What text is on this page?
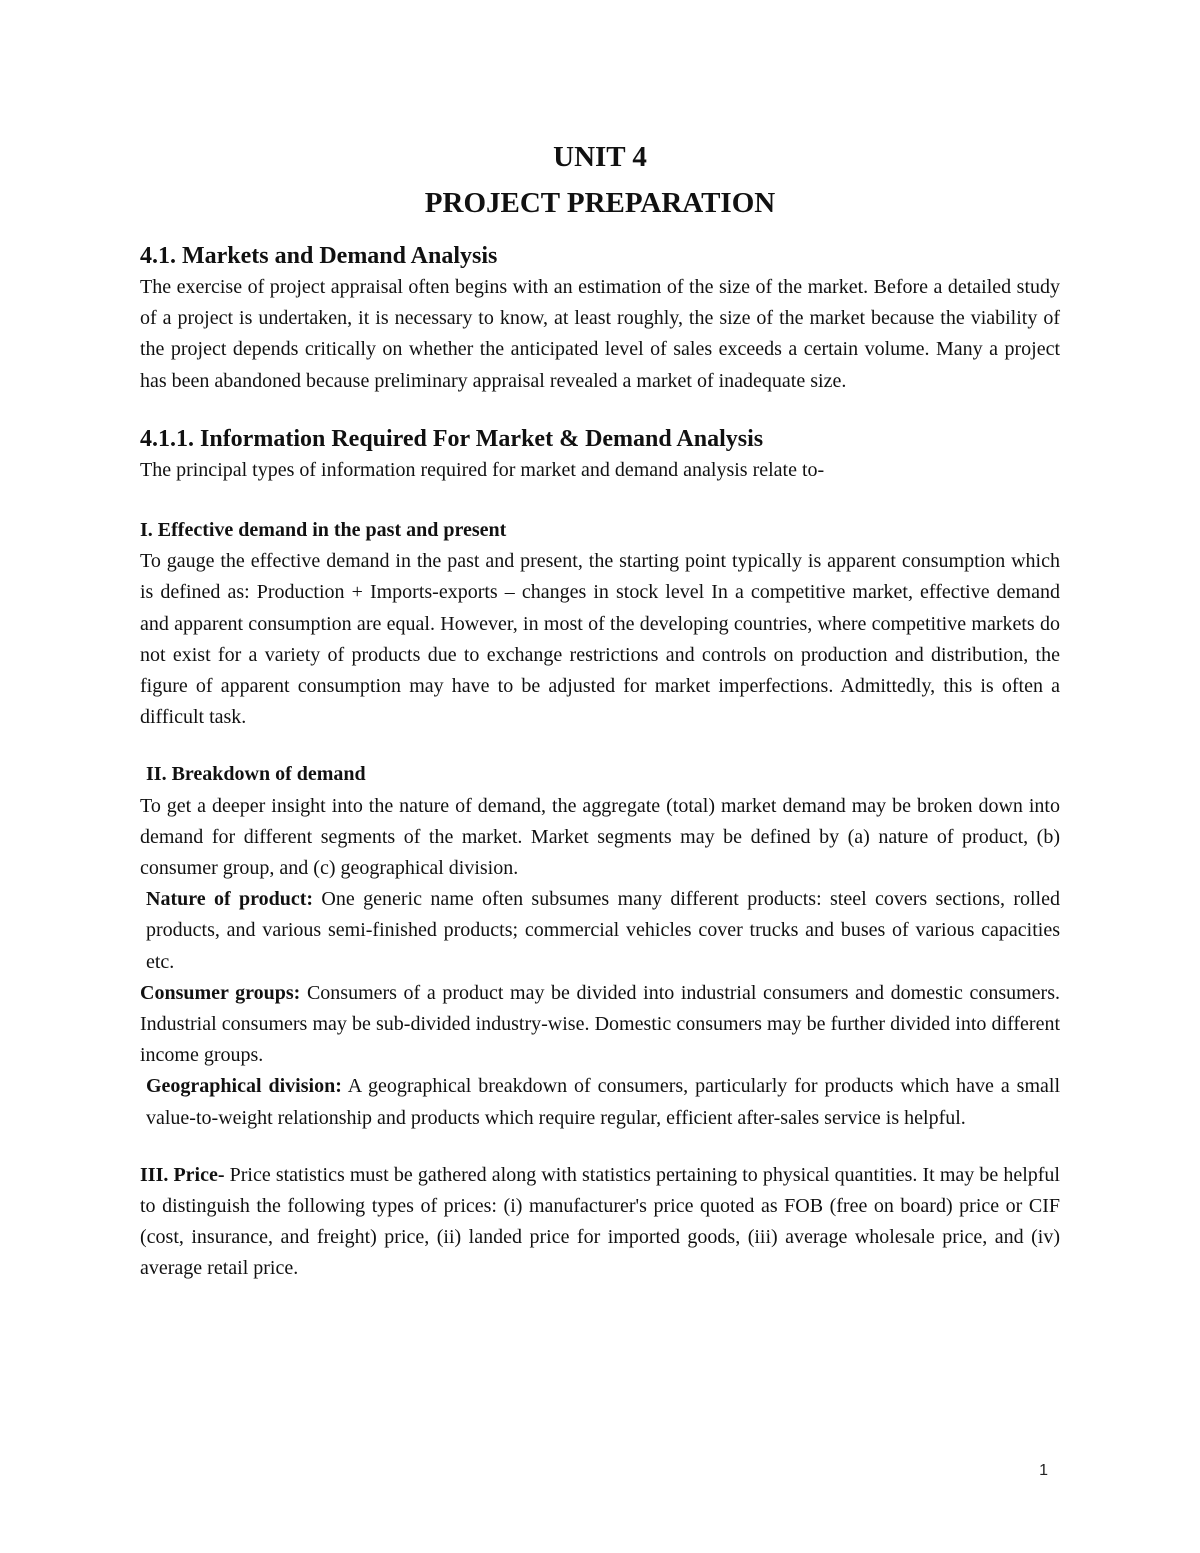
UNIT 4
PROJECT PREPARATION
4.1. Markets and Demand Analysis

The exercise of project appraisal often begins with an estimation of the size of the market. Before a detailed study of a project is undertaken, it is necessary to know, at least roughly, the size of the market because the viability of the project depends critically on whether the anticipated level of sales exceeds a certain volume. Many a project has been abandoned because preliminary appraisal revealed a market of inadequate size.

4.1.1. Information Required For Market & Demand Analysis

The principal types of information required for market and demand analysis relate to-

I. Effective demand in the past and present

To gauge the effective demand in the past and present, the starting point typically is apparent consumption which is defined as: Production + Imports-exports – changes in stock level In a competitive market, effective demand and apparent consumption are equal. However, in most of the developing countries, where competitive markets do not exist for a variety of products due to exchange restrictions and controls on production and distribution, the figure of apparent consumption may have to be adjusted for market imperfections. Admittedly, this is often a difficult task.

II. Breakdown of demand

To get a deeper insight into the nature of demand, the aggregate (total) market demand may be broken down into demand for different segments of the market. Market segments may be defined by (a) nature of product, (b) consumer group, and (c) geographical division.

Nature of product: One generic name often subsumes many different products: steel covers sections, rolled products, and various semi-finished products; commercial vehicles cover trucks and buses of various capacities etc.

Consumer groups: Consumers of a product may be divided into industrial consumers and domestic consumers. Industrial consumers may be sub-divided industry-wise. Domestic consumers may be further divided into different income groups.

Geographical division: A geographical breakdown of consumers, particularly for products which have a small value-to-weight relationship and products which require regular, efficient after-sales service is helpful.

III. Price- Price statistics must be gathered along with statistics pertaining to physical quantities. It may be helpful to distinguish the following types of prices: (i) manufacturer's price quoted as FOB (free on board) price or CIF (cost, insurance, and freight) price, (ii) landed price for imported goods, (iii) average wholesale price, and (iv) average retail price.

1
